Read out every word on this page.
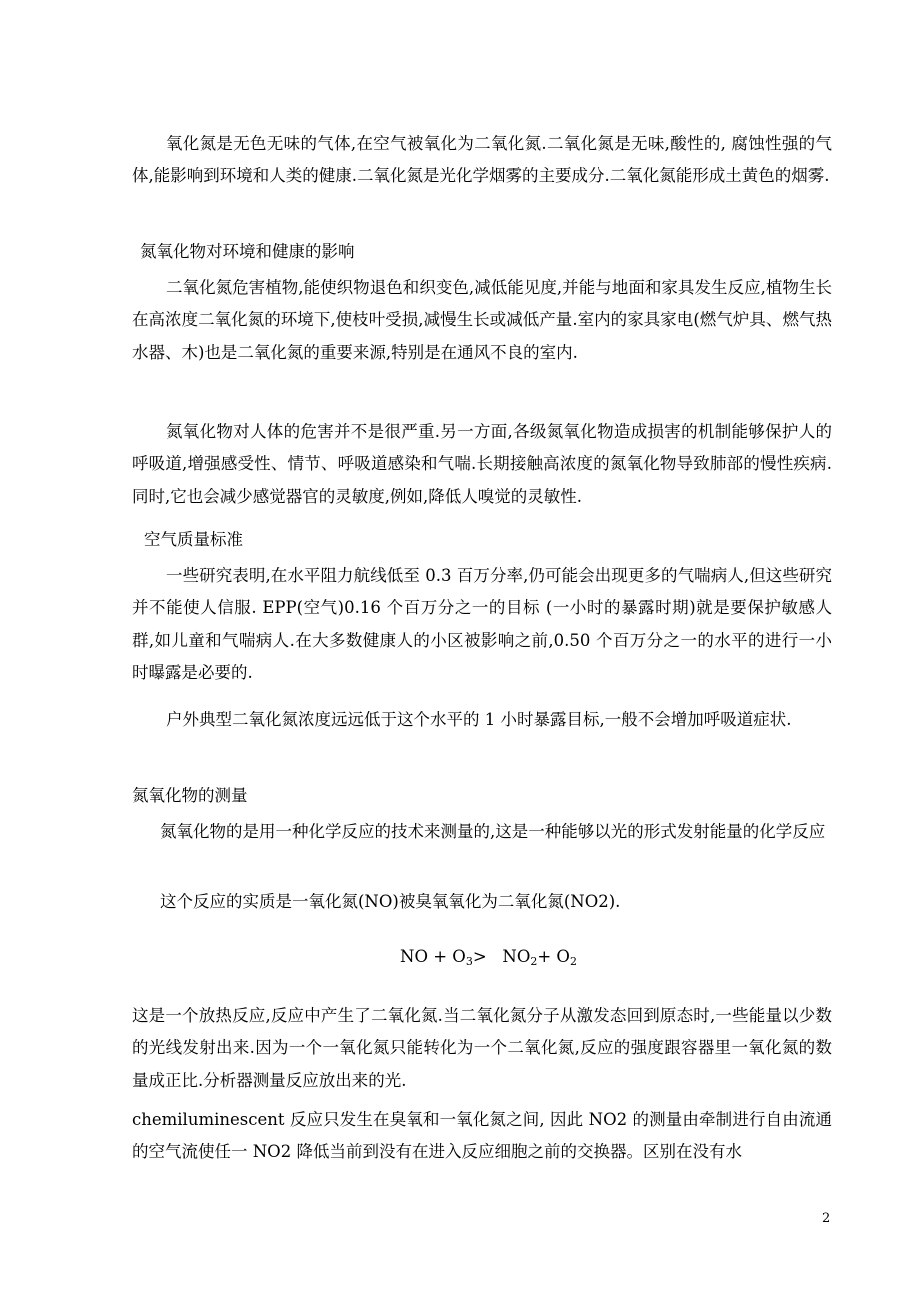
氧化氮是无色无味的气体,在空气被氧化为二氧化氮.二氧化氮是无味,酸性的, 腐蚀性强的气体,能影响到环境和人类的健康.二氧化氮是光化学烟雾的主要成分.二氧化氮能形成土黄色的烟雾.

氮氧化物对环境和健康的影响

二氧化氮危害植物,能使织物退色和织变色,减低能见度,并能与地面和家具发生反应,植物生长在高浓度二氧化氮的环境下,使枝叶受损,减慢生长或减低产量.室内的家具家电(燃气炉具、燃气热水器、木)也是二氧化氮的重要来源,特别是在通风不良的室内.

氮氧化物对人体的危害并不是很严重.另一方面,各级氮氧化物造成损害的机制能够保护人的呼吸道,增强感受性、情节、呼吸道感染和气喘.长期接触高浓度的氮氧化物导致肺部的慢性疾病.同时,它也会减少感觉器官的灵敏度,例如,降低人嗅觉的灵敏性.

空气质量标准

一些研究表明,在水平阻力航线低至 0.3 百万分率,仍可能会出现更多的气喘病人,但这些研究并不能使人信服. EPP(空气)0.16 个百万分之一的目标 (一小时的暴露时期)就是要保护敏感人群,如儿童和气喘病人.在大多数健康人的小区被影响之前,0.50 个百万分之一的水平的进行一小时曝露是必要的.

户外典型二氧化氮浓度远远低于这个水平的 1 小时暴露目标,一般不会增加呼吸道症状.

氮氧化物的测量

氮氧化物的是用一种化学反应的技术来测量的,这是一种能够以光的形式发射能量的化学反应

这个反应的实质是一氧化氮(NO)被臭氧氧化为二氧化氮(NO2).

NO + $O_3> NO_2+ O_2$

这是一个放热反应,反应中产生了二氧化氮.当二氧化氮分子从激发态回到原态时,一些能量以少数的光线发射出来.因为一个一氧化氮只能转化为一个二氧化氮,反应的强度跟容器里一氧化氮的数量成正比.分析器测量反应放出来的光.

chemiluminescent 反应只发生在臭氧和一氧化氮之间, 因此 NO2 的测量由牵制进行自由流通的空气流使任一 NO2 降低当前到没有在进入反应细胞之前的交换器。区别在没有水

2
